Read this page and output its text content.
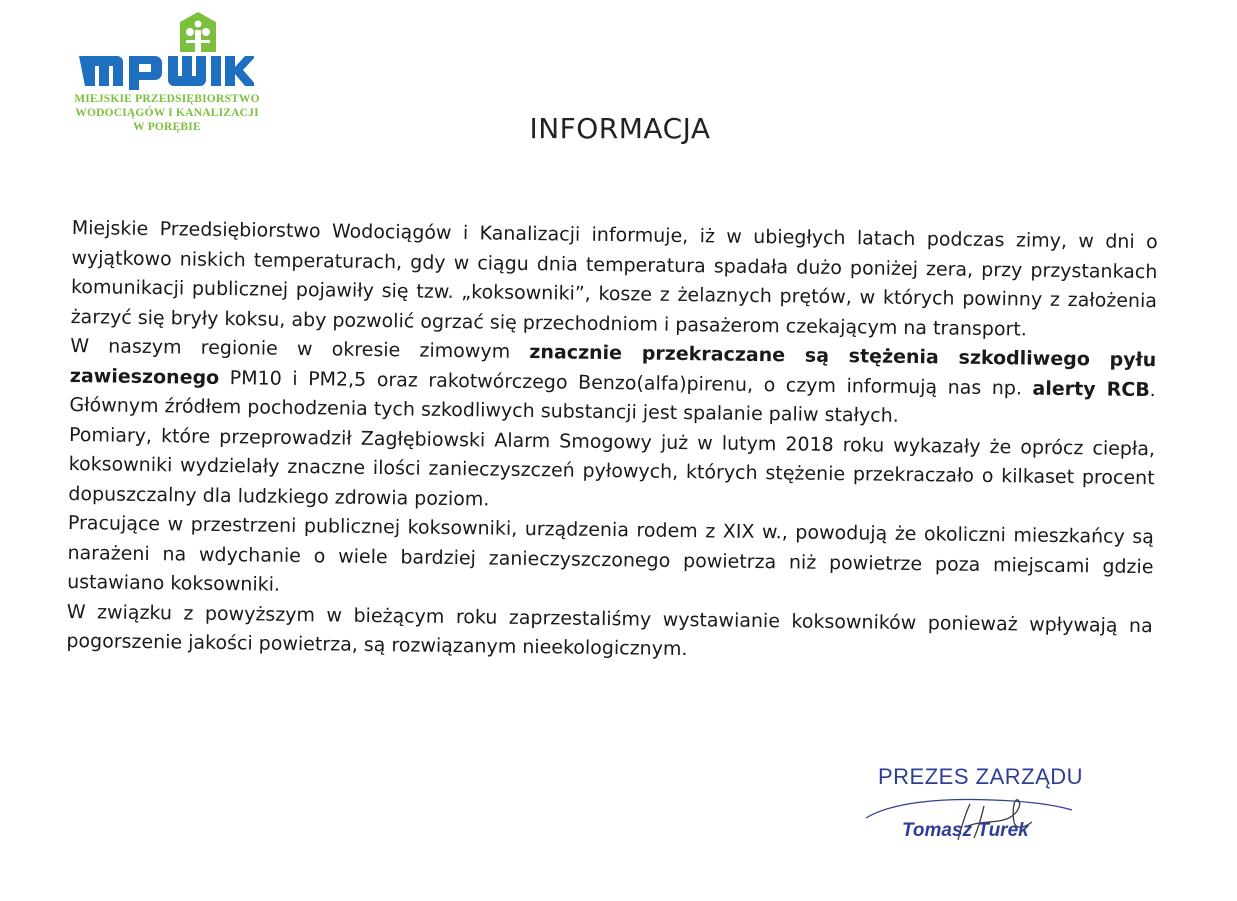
MIEJSKIE PRZEDSIĘBIORSTWO
WODOCIĄGÓW I KANALIZACJI
W PORĘBIE	INFORMACJA

Miejskie Przedsiębiorstwo Wodociągów i Kanalizacji informuje, iż w ubiegłych latach podczas zimy, w dni o wyjątkowo niskich temperaturach, gdy w ciągu dnia temperatura spadała dużo poniżej zera, przy przystankach komunikacji publicznej pojawiły się tzw. „koksowniki”, kosze z żelaznych prętów, w których powinny z założenia żarzyć się bryły koksu, aby pozwolić ogrzać się przechodniom i pasażerom czekającym na transport.

W naszym regionie w okresie zimowym znacznie przekraczane są stężenia szkodliwego pyłu zawieszonego PM10 i PM2,5 oraz rakotwórczego Benzo(alfa)pirenu, o czym informują nas np. alerty RCB. Głównym źródłem pochodzenia tych szkodliwych substancji jest spalanie paliw stałych.

Pomiary, które przeprowadził Zagłębiowski Alarm Smogowy już w lutym 2018 roku wykazały że oprócz ciepła, koksowniki wydzielały znaczne ilości zanieczyszczeń pyłowych, których stężenie przekraczało o kilkaset procent dopuszczalny dla ludzkiego zdrowia poziom.

Pracujące w przestrzeni publicznej koksowniki, urządzenia rodem z XIX w., powodują że okoliczni mieszkańcy są narażeni na wdychanie o wiele bardziej zanieczyszczonego powietrza niż powietrze poza miejscami gdzie ustawiano koksowniki.

W związku z powyższym w bieżącym roku zaprzestaliśmy wystawianie koksowników ponieważ wpływają na pogorszenie jakości powietrza, są rozwiązanym nieekologicznym.

PREZES ZARZĄDU
Tomasz Turek
